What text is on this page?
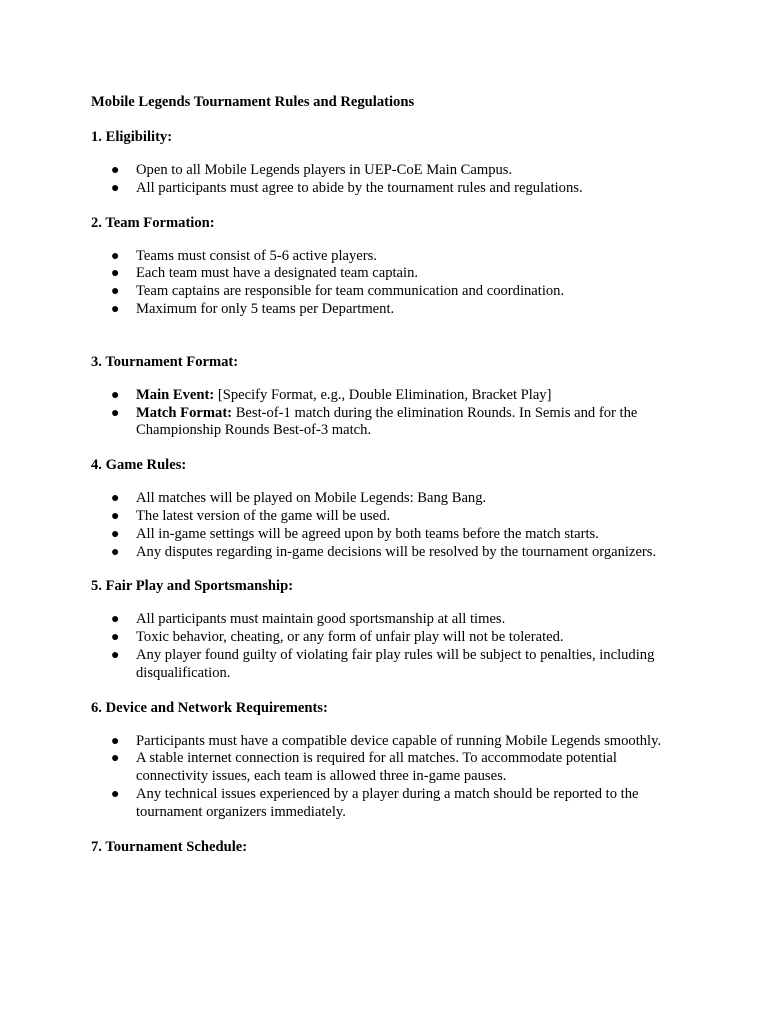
Mobile Legends Tournament Rules and Regulations
1. Eligibility:
● Open to all Mobile Legends players in UEP-CoE Main Campus.
● All participants must agree to abide by the tournament rules and regulations.
2. Team Formation:
● Teams must consist of 5-6 active players.
● Each team must have a designated team captain.
● Team captains are responsible for team communication and coordination.
● Maximum for only 5 teams per Department.
3. Tournament Format:
● Main Event: [Specify Format, e.g., Double Elimination, Bracket Play]
● Match Format: Best-of-1 match during the elimination Rounds. In Semis and for the Championship Rounds Best-of-3 match.
4. Game Rules:
● All matches will be played on Mobile Legends: Bang Bang.
● The latest version of the game will be used.
● All in-game settings will be agreed upon by both teams before the match starts.
● Any disputes regarding in-game decisions will be resolved by the tournament organizers.
5. Fair Play and Sportsmanship:
● All participants must maintain good sportsmanship at all times.
● Toxic behavior, cheating, or any form of unfair play will not be tolerated.
● Any player found guilty of violating fair play rules will be subject to penalties, including disqualification.
6. Device and Network Requirements:
● Participants must have a compatible device capable of running Mobile Legends smoothly.
● A stable internet connection is required for all matches. To accommodate potential connectivity issues, each team is allowed three in-game pauses.
● Any technical issues experienced by a player during a match should be reported to the tournament organizers immediately.
7. Tournament Schedule:
